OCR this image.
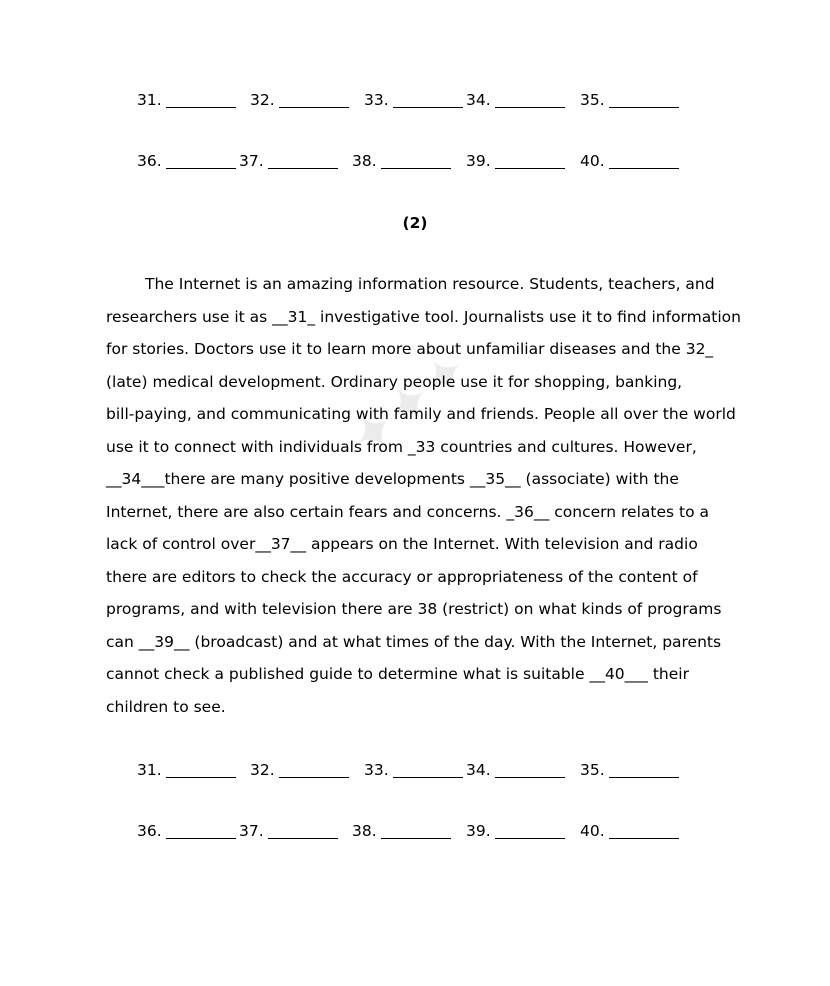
31.	32.	33.	34.	35.
36.	37.	38.	39.	40.
(2)
✦✦✦
The Internet is an amazing information resource. Students, teachers, and
researchers use it as __31_ investigative tool. Journalists use it to find information
for stories. Doctors use it to learn more about unfamiliar diseases and the 32_
(late) medical development. Ordinary people use it for shopping, banking,
bill-paying, and communicating with family and friends. People all over the world
use it to connect with individuals from _33 countries and cultures. However,
__34___there are many positive developments __35__ (associate) with the
Internet, there are also certain fears and concerns. _36__ concern relates to a
lack of control over__37__ appears on the Internet. With television and radio
there are editors to check the accuracy or appropriateness of the content of
programs, and with television there are 38 (restrict) on what kinds of programs
can __39__ (broadcast) and at what times of the day. With the Internet, parents
cannot check a published guide to determine what is suitable __40___ their
children to see.
31.	32.	33.	34.	35.
36.	37.	38.	39.	40.
